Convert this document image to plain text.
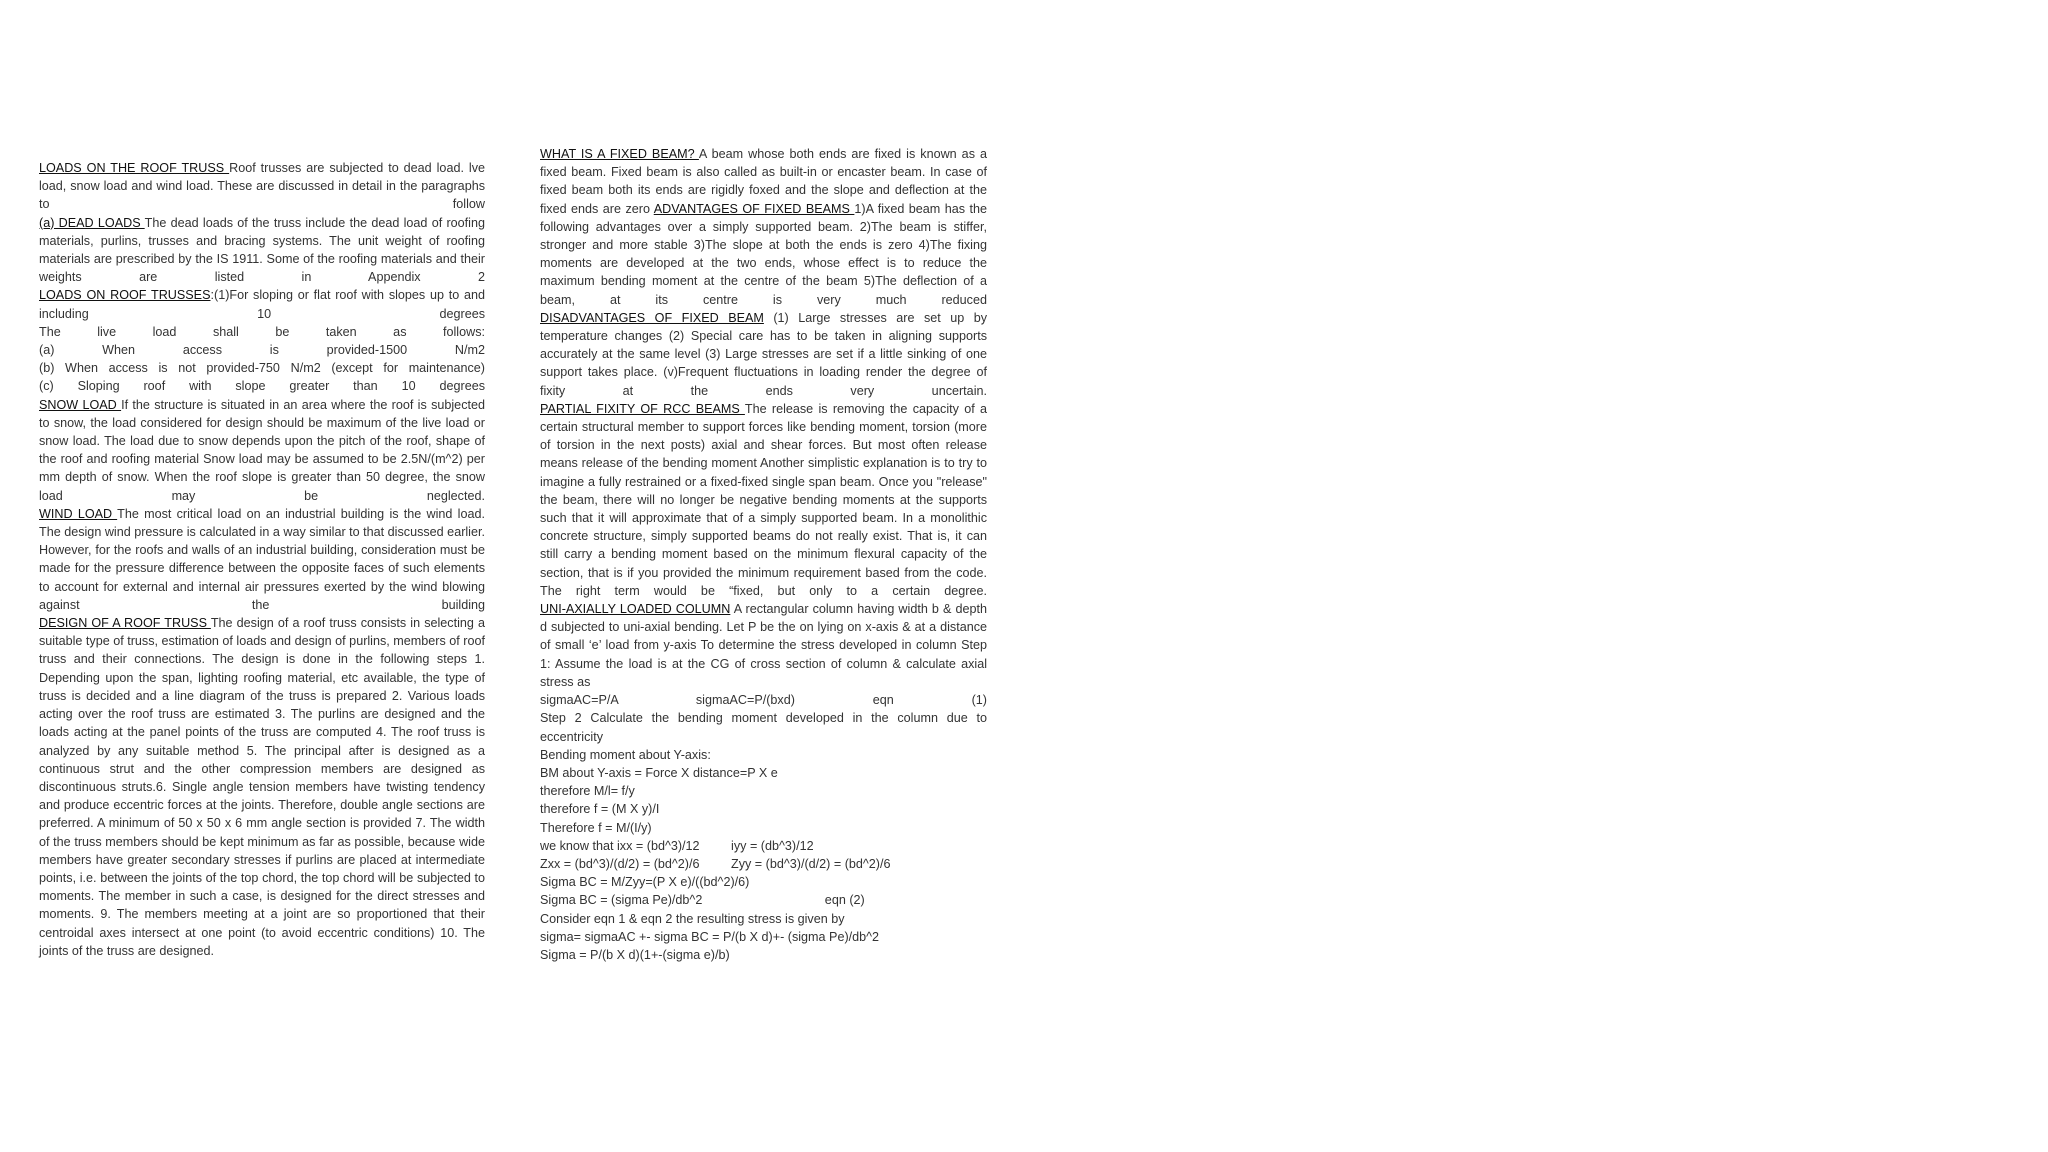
LOADS ON THE ROOF TRUSS Roof trusses are subjected to dead load. lve load, snow load and wind load. These are discussed in detail in the paragraphs to follow

(a) DEAD LOADS The dead loads of the truss include the dead load of roofing materials, purlins, trusses and bracing systems. The unit weight of roofing materials are prescribed by the IS 1911. Some of the roofing materials and their weights are listed in Appendix 2

LOADS ON ROOF TRUSSES:(1)For sloping or flat roof with slopes up to and including 10 degrees

The live load shall be taken as follows:

(a) When access is provided-1500 N/m2

(b) When access is not provided-750 N/m2 (except for maintenance)

(c) Sloping roof with slope greater than 10 degrees

SNOW LOAD If the structure is situated in an area where the roof is subjected to snow, the load considered for design should be maximum of the live load or snow load. The load due to snow depends upon the pitch of the roof, shape of the roof and roofing material Snow load may be assumed to be 2.5N/(m^2) per mm depth of snow. When the roof slope is greater than 50 degree, the snow load may be neglected.

WIND LOAD The most critical load on an industrial building is the wind load. The design wind pressure is calculated in a way similar to that discussed earlier. However, for the roofs and walls of an industrial building, consideration must be made for the pressure difference between the opposite faces of such elements to account for external and internal air pressures exerted by the wind blowing against the building

DESIGN OF A ROOF TRUSS The design of a roof truss consists in selecting a suitable type of truss, estimation of loads and design of purlins, members of roof truss and their connections. The design is done in the following steps 1. Depending upon the span, lighting roofing material, etc available, the type of truss is decided and a line diagram of the truss is prepared 2. Various loads acting over the roof truss are estimated 3. The purlins are designed and the loads acting at the panel points of the truss are computed 4. The roof truss is analyzed by any suitable method 5. The principal after is designed as a continuous strut and the other compression members are designed as discontinuous struts.6. Single angle tension members have twisting tendency and produce eccentric forces at the joints. Therefore, double angle sections are preferred. A minimum of 50 x 50 x 6 mm angle section is provided 7. The width of the truss members should be kept minimum as far as possible, because wide members have greater secondary stresses if purlins are placed at intermediate points, i.e. between the joints of the top chord, the top chord will be subjected to moments. The member in such a case, is designed for the direct stresses and moments. 9. The members meeting at a joint are so proportioned that their centroidal axes intersect at one point (to avoid eccentric conditions) 10. The joints of the truss are designed.

WHAT IS A FIXED BEAM? A beam whose both ends are fixed is known as a fixed beam. Fixed beam is also called as built-in or encaster beam. In case of fixed beam both its ends are rigidly foxed and the slope and deflection at the fixed ends are zero ADVANTAGES OF FIXED BEAMS 1)A fixed beam has the following advantages over a simply supported beam. 2)The beam is stiffer, stronger and more stable 3)The slope at both the ends is zero 4)The fixing moments are developed at the two ends, whose effect is to reduce the maximum bending moment at the centre of the beam 5)The deflection of a beam, at its centre is very much reduced

DISADVANTAGES OF FIXED BEAM (1) Large stresses are set up by temperature changes (2) Special care has to be taken in aligning supports accurately at the same level (3) Large stresses are set if a little sinking of one support takes place. (v)Frequent fluctuations in loading render the degree of fixity at the ends very uncertain.

PARTIAL FIXITY OF RCC BEAMS The release is removing the capacity of a certain structural member to support forces like bending moment, torsion (more of torsion in the next posts) axial and shear forces. But most often release means release of the bending moment Another simplistic explanation is to try to imagine a fully restrained or a fixed-fixed single span beam. Once you "release" the beam, there will no longer be negative bending moments at the supports such that it will approximate that of a simply supported beam. In a monolithic concrete structure, simply supported beams do not really exist. That is, it can still carry a bending moment based on the minimum flexural capacity of the section, that is if you provided the minimum requirement based from the code. The right term would be “fixed, but only to a certain degree.

UNI-AXIALLY LOADED COLUMN A rectangular column having width b & depth d subjected to uni-axial bending. Let P be the on lying on x-axis & at a distance of small ‘e’ load from y-axis To determine the stress developed in column Step 1: Assume the load is at the CG of cross section of column & calculate axial stress as

sigmaAC=P/A sigmaAC=P/(bxd) eqn (1)

Step 2 Calculate the bending moment developed in the column due to eccentricity

Bending moment about Y-axis:

BM about Y-axis = Force X distance=P X e

therefore M/l= f/y

therefore f = (M X y)/I

Therefore f = M/(I/y)

we know that ixx = (bd^3)/12         iyy = (db^3)/12

Zxx = (bd^3)/(d/2) = (bd^2)/6         Zyy = (bd^3)/(d/2) = (bd^2)/6

Sigma BC = M/Zyy=(P X e)/((bd^2)/6)

Sigma BC = (sigma Pe)/db^2                                   eqn (2)

Consider eqn 1 & eqn 2 the resulting stress is given by

sigma= sigmaAC +- sigma BC = P/(b X d)+- (sigma Pe)/db^2

Sigma = P/(b X d)(1+-(sigma e)/b)
